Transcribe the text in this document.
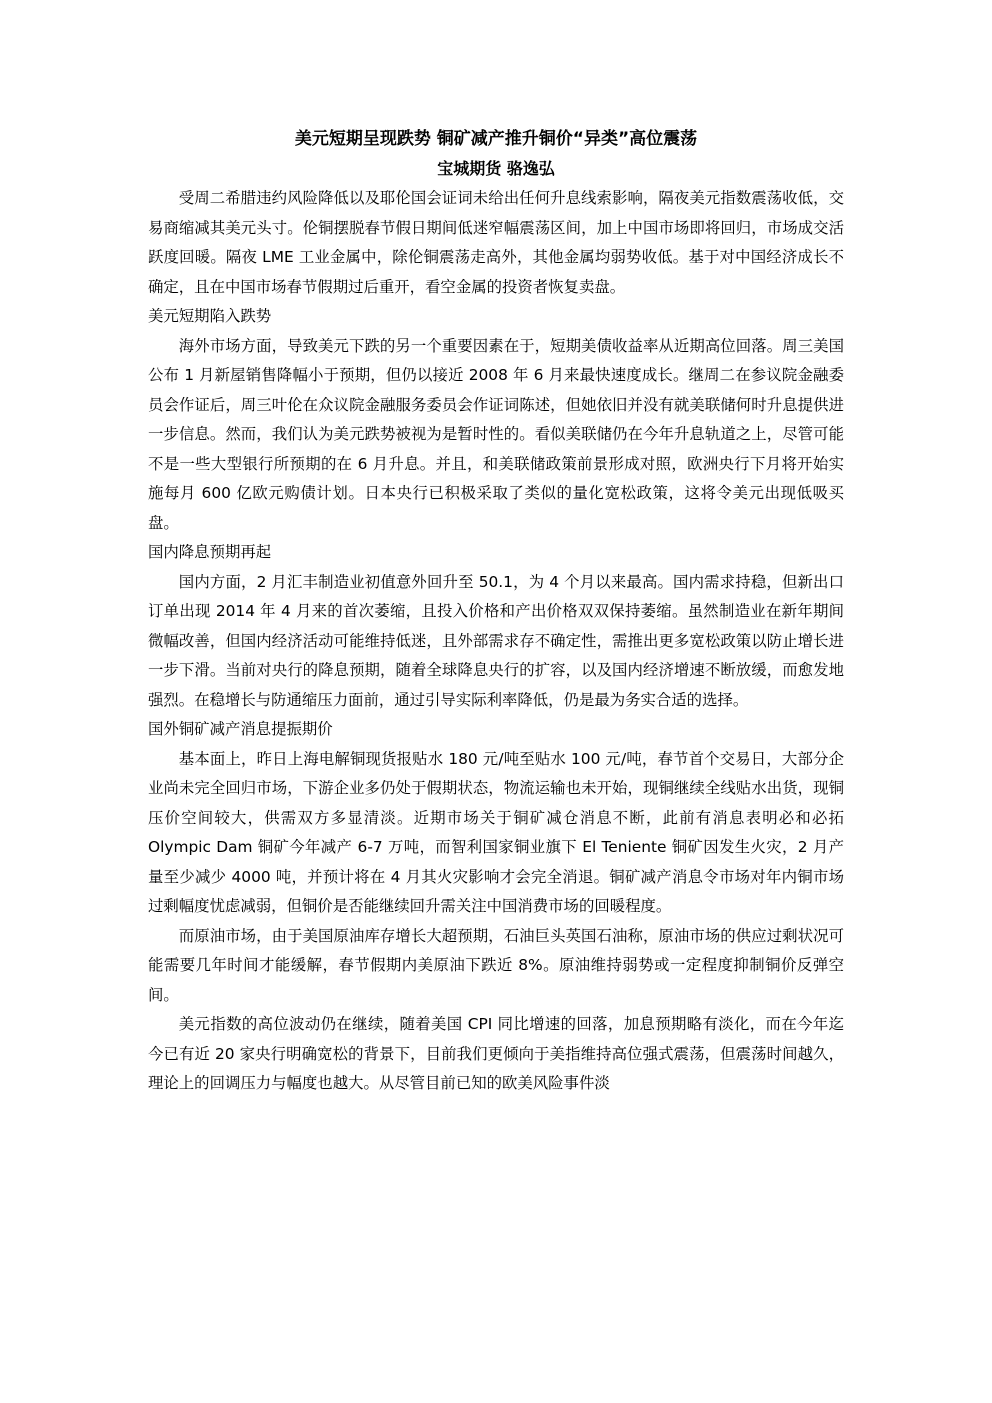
美元短期呈现跌势 铜矿减产推升铜价“异类”高位震荡
宝城期货 骆逸弘

受周二希腊违约风险降低以及耶伦国会证词未给出任何升息线索影响，隔夜美元指数震荡收低，交易商缩减其美元头寸。伦铜摆脱春节假日期间低迷窄幅震荡区间，加上中国市场即将回归，市场成交活跃度回暖。隔夜 LME 工业金属中，除伦铜震荡走高外，其他金属均弱势收低。基于对中国经济成长不确定，且在中国市场春节假期过后重开，看空金属的投资者恢复卖盘。

美元短期陷入跌势

海外市场方面，导致美元下跌的另一个重要因素在于，短期美债收益率从近期高位回落。周三美国公布 1 月新屋销售降幅小于预期，但仍以接近 2008 年 6 月来最快速度成长。继周二在参议院金融委员会作证后，周三叶伦在众议院金融服务委员会作证词陈述，但她依旧并没有就美联储何时升息提供进一步信息。然而，我们认为美元跌势被视为是暂时性的。看似美联储仍在今年升息轨道之上，尽管可能不是一些大型银行所预期的在 6 月升息。并且，和美联储政策前景形成对照，欧洲央行下月将开始实施每月 600 亿欧元购债计划。日本央行已积极采取了类似的量化宽松政策，这将令美元出现低吸买盘。

国内降息预期再起

国内方面，2 月汇丰制造业初值意外回升至 50.1，为 4 个月以来最高。国内需求持稳，但新出口订单出现 2014 年 4 月来的首次萎缩，且投入价格和产出价格双双保持萎缩。虽然制造业在新年期间微幅改善，但国内经济活动可能维持低迷，且外部需求存不确定性，需推出更多宽松政策以防止增长进一步下滑。当前对央行的降息预期，随着全球降息央行的扩容，以及国内经济增速不断放缓，而愈发地强烈。在稳增长与防通缩压力面前，通过引导实际利率降低，仍是最为务实合适的选择。

国外铜矿减产消息提振期价

基本面上，昨日上海电解铜现货报贴水 180 元/吨至贴水 100 元/吨，春节首个交易日，大部分企业尚未完全回归市场，下游企业多仍处于假期状态，物流运输也未开始，现铜继续全线贴水出货，现铜压价空间较大，供需双方多显清淡。近期市场关于铜矿减仓消息不断，此前有消息表明必和必拓 Olympic Dam 铜矿今年减产 6-7 万吨，而智利国家铜业旗下 El Teniente 铜矿因发生火灾，2 月产量至少减少 4000 吨，并预计将在 4 月其火灾影响才会完全消退。铜矿减产消息令市场对年内铜市场过剩幅度忧虑减弱，但铜价是否能继续回升需关注中国消费市场的回暖程度。

而原油市场，由于美国原油库存增长大超预期，石油巨头英国石油称，原油市场的供应过剩状况可能需要几年时间才能缓解，春节假期内美原油下跌近 8%。原油维持弱势或一定程度抑制铜价反弹空间。

美元指数的高位波动仍在继续，随着美国 CPI 同比增速的回落，加息预期略有淡化，而在今年迄今已有近 20 家央行明确宽松的背景下，目前我们更倾向于美指维持高位强式震荡，但震荡时间越久，理论上的回调压力与幅度也越大。从尽管目前已知的欧美风险事件淡
